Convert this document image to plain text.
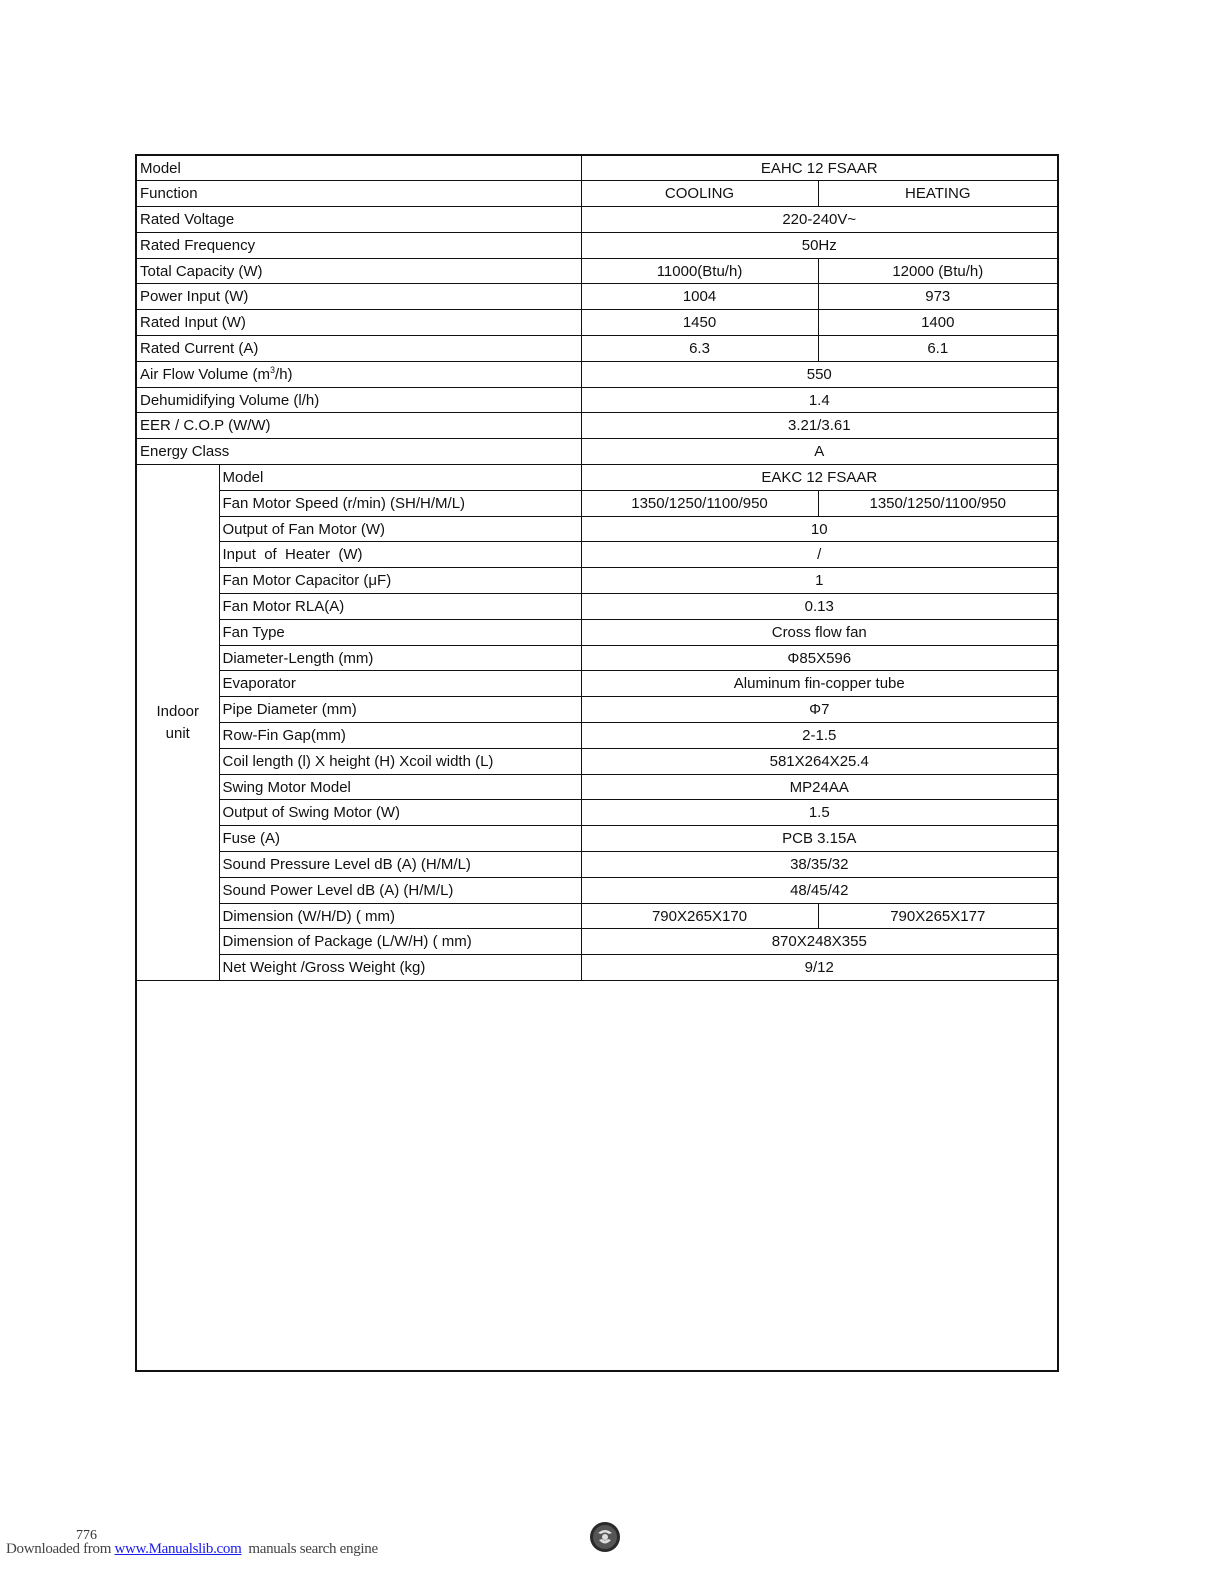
Model		EAHC 12 FSAAR	
Function		COOLING	HEATING
Rated Voltage		220-240V~	
Rated Frequency		50Hz	
Total Capacity (W)		11000(Btu/h)	12000 (Btu/h)
Power Input (W)		1004	973
Rated Input (W)		1450	1400
Rated Current (A)		6.3	6.1
Air Flow Volume $(m^3/h)$		550	
Dehumidifying Volume (l/h)		1.4	
EER / C.O.P (W/W)		3.21/3.61	
Energy Class		A	
Indoor
unit	Model	EAKC 12 FSAAR	
	Fan Motor Speed (r/min) (SH/H/M/L)	1350/1250/1100/950	1350/1250/1100/950
	Output of Fan Motor (W)	10	
	Input  of  Heater  (W)	/	
	Fan Motor Capacitor (μF)	1	
	Fan Motor RLA(A)	0.13	
	Fan Type	Cross flow fan	
	Diameter-Length (mm)	Φ85X596	
	Evaporator	Aluminum fin-copper tube	
	Pipe Diameter (mm)	Φ7	
	Row-Fin Gap(mm)	2-1.5	
	Coil length (l) X height (H) Xcoil width (L)	581X264X25.4	
	Swing Motor Model	MP24AA	
	Output of Swing Motor (W)	1.5	
	Fuse (A)	PCB 3.15A	
	Sound Pressure Level dB (A) (H/M/L)	38/35/32	
	Sound Power Level dB (A) (H/M/L)	48/45/42	
	Dimension (W/H/D) ( mm)	790X265X170	790X265X177
	Dimension of Package (L/W/H) ( mm)	870X248X355	
	Net Weight /Gross Weight (kg)	9/12	

776
Downloaded from www.Manualslib.com  manuals search engine
